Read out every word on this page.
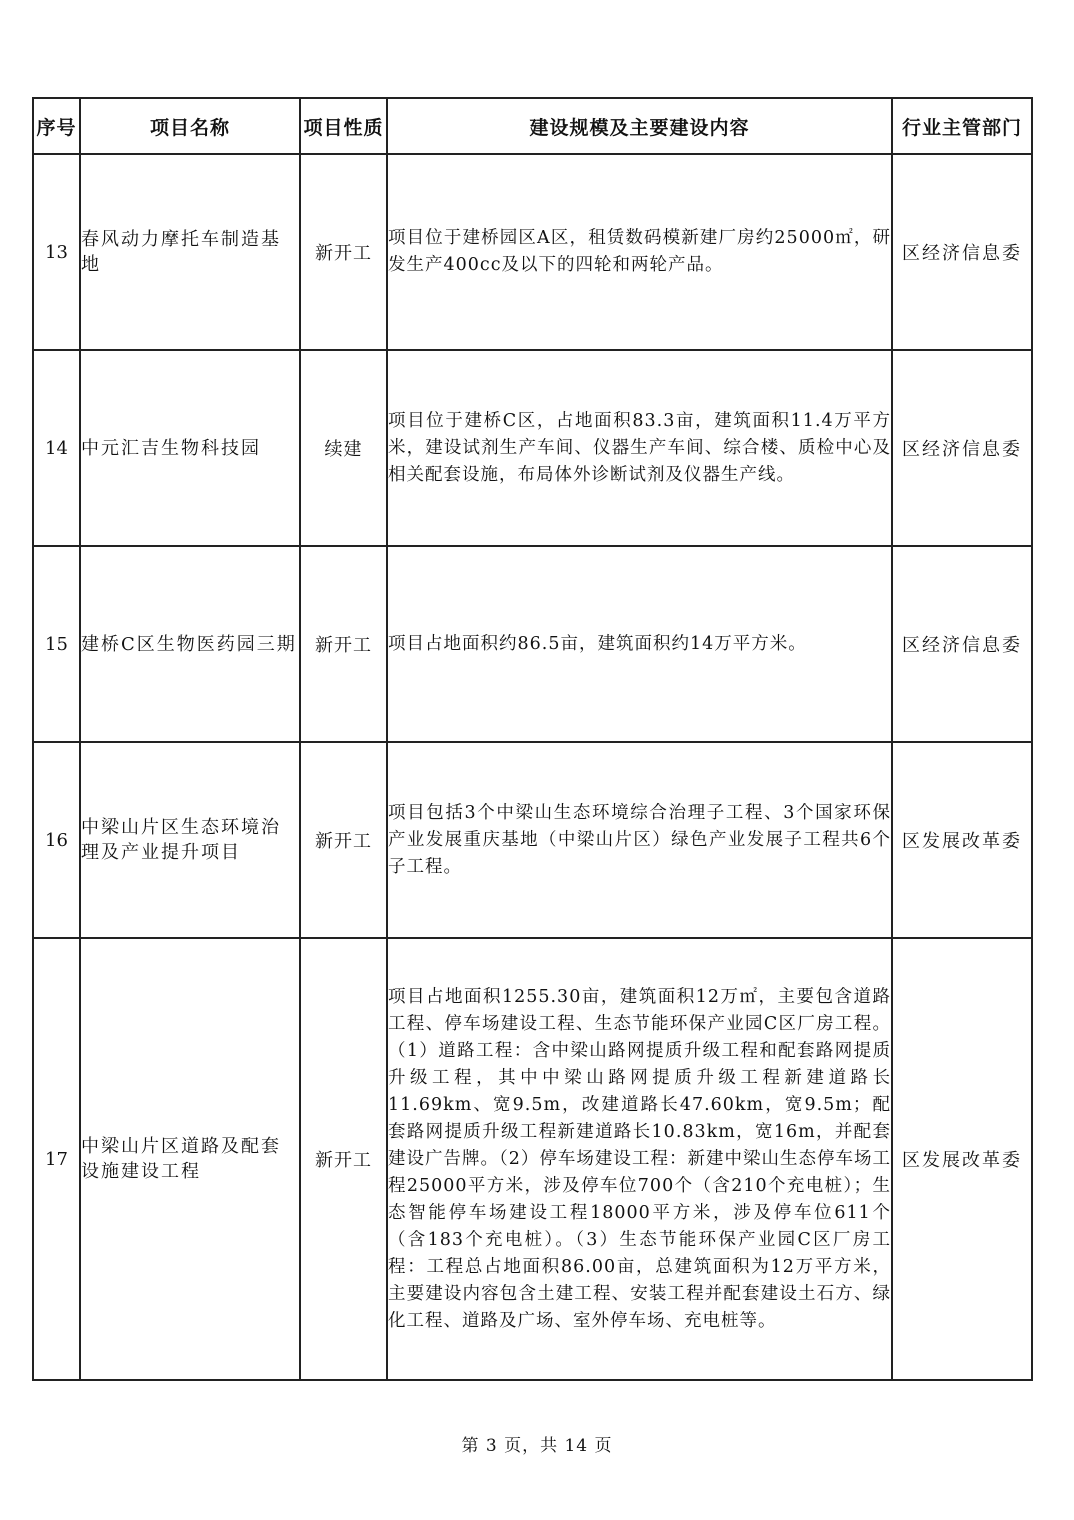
序号	项目名称	项目性质	建设规模及主要建设内容	行业主管部门
13	春风动力摩托车制造基地	新开工	项目位于建桥园区A区，租赁数码模新建厂房约25000㎡，研发生产400cc及以下的四轮和两轮产品。	区经济信息委
14	中元汇吉生物科技园	续建	项目位于建桥C区，占地面积83.3亩，建筑面积11.4万平方米，建设试剂生产车间、仪器生产车间、综合楼、质检中心及相关配套设施，布局体外诊断试剂及仪器生产线。	区经济信息委
15	建桥C区生物医药园三期	新开工	项目占地面积约86.5亩，建筑面积约14万平方米。	区经济信息委
16	中梁山片区生态环境治理及产业提升项目	新开工	项目包括3个中梁山生态环境综合治理子工程、3个国家环保产业发展重庆基地（中梁山片区）绿色产业发展子工程共6个子工程。	区发展改革委
17	中梁山片区道路及配套设施建设工程	新开工	项目占地面积1255.30亩，建筑面积12万㎡，主要包含道路工程、停车场建设工程、生态节能环保产业园C区厂房工程。（1）道路工程：含中梁山路网提质升级工程和配套路网提质升级工程，其中中梁山路网提质升级工程新建道路长11.69km、宽9.5m，改建道路长47.60km，宽9.5m；配套路网提质升级工程新建道路长10.83km，宽16m，并配套建设广告牌。（2）停车场建设工程：新建中梁山生态停车场工程25000平方米，涉及停车位700个（含210个充电桩）；生态智能停车场建设工程18000平方米，涉及停车位611个（含183个充电桩）。（3）生态节能环保产业园C区厂房工程：工程总占地面积86.00亩，总建筑面积为12万平方米，主要建设内容包含土建工程、安装工程并配套建设土石方、绿化工程、道路及广场、室外停车场、充电桩等。	区发展改革委
第 3 页，共 14 页
